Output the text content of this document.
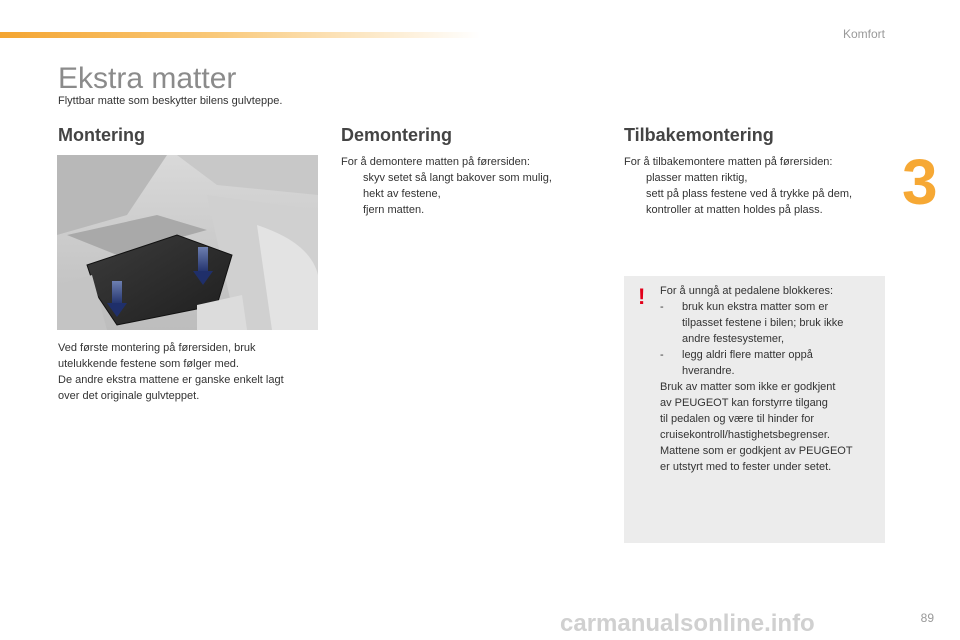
Komfort
3
Ekstra matter
Flyttbar matte som beskytter bilens gulvteppe.
Montering

Ved første montering på førersiden, bruk

utelukkende festene som følger med.

De andre ekstra mattene er ganske enkelt lagt

over det originale gulvteppet.

Demontering

For å demontere matten på førersiden:

skyv setet så langt bakover som mulig,
hekt av festene,
fjern matten.
Tilbakemontering

For å tilbakemontere matten på førersiden:

plasser matten riktig,
sett på plass festene ved å trykke på dem,
kontroller at matten holdes på plass.
! For å unngå at pedalene blokkeres:

- bruk kun ekstra matter som er
tilpasset festene i bilen; bruk ikke
andre festesystemer,
- legg aldri flere matter oppå
hverandre.

Bruk av matter som ikke er godkjent

av PEUGEOT kan forstyrre tilgang

til pedalen og være til hinder for

cruisekontroll/hastighetsbegrenser.

Mattene som er godkjent av PEUGEOT

er utstyrt med to fester under setet.

carmanualsonline.info	89
